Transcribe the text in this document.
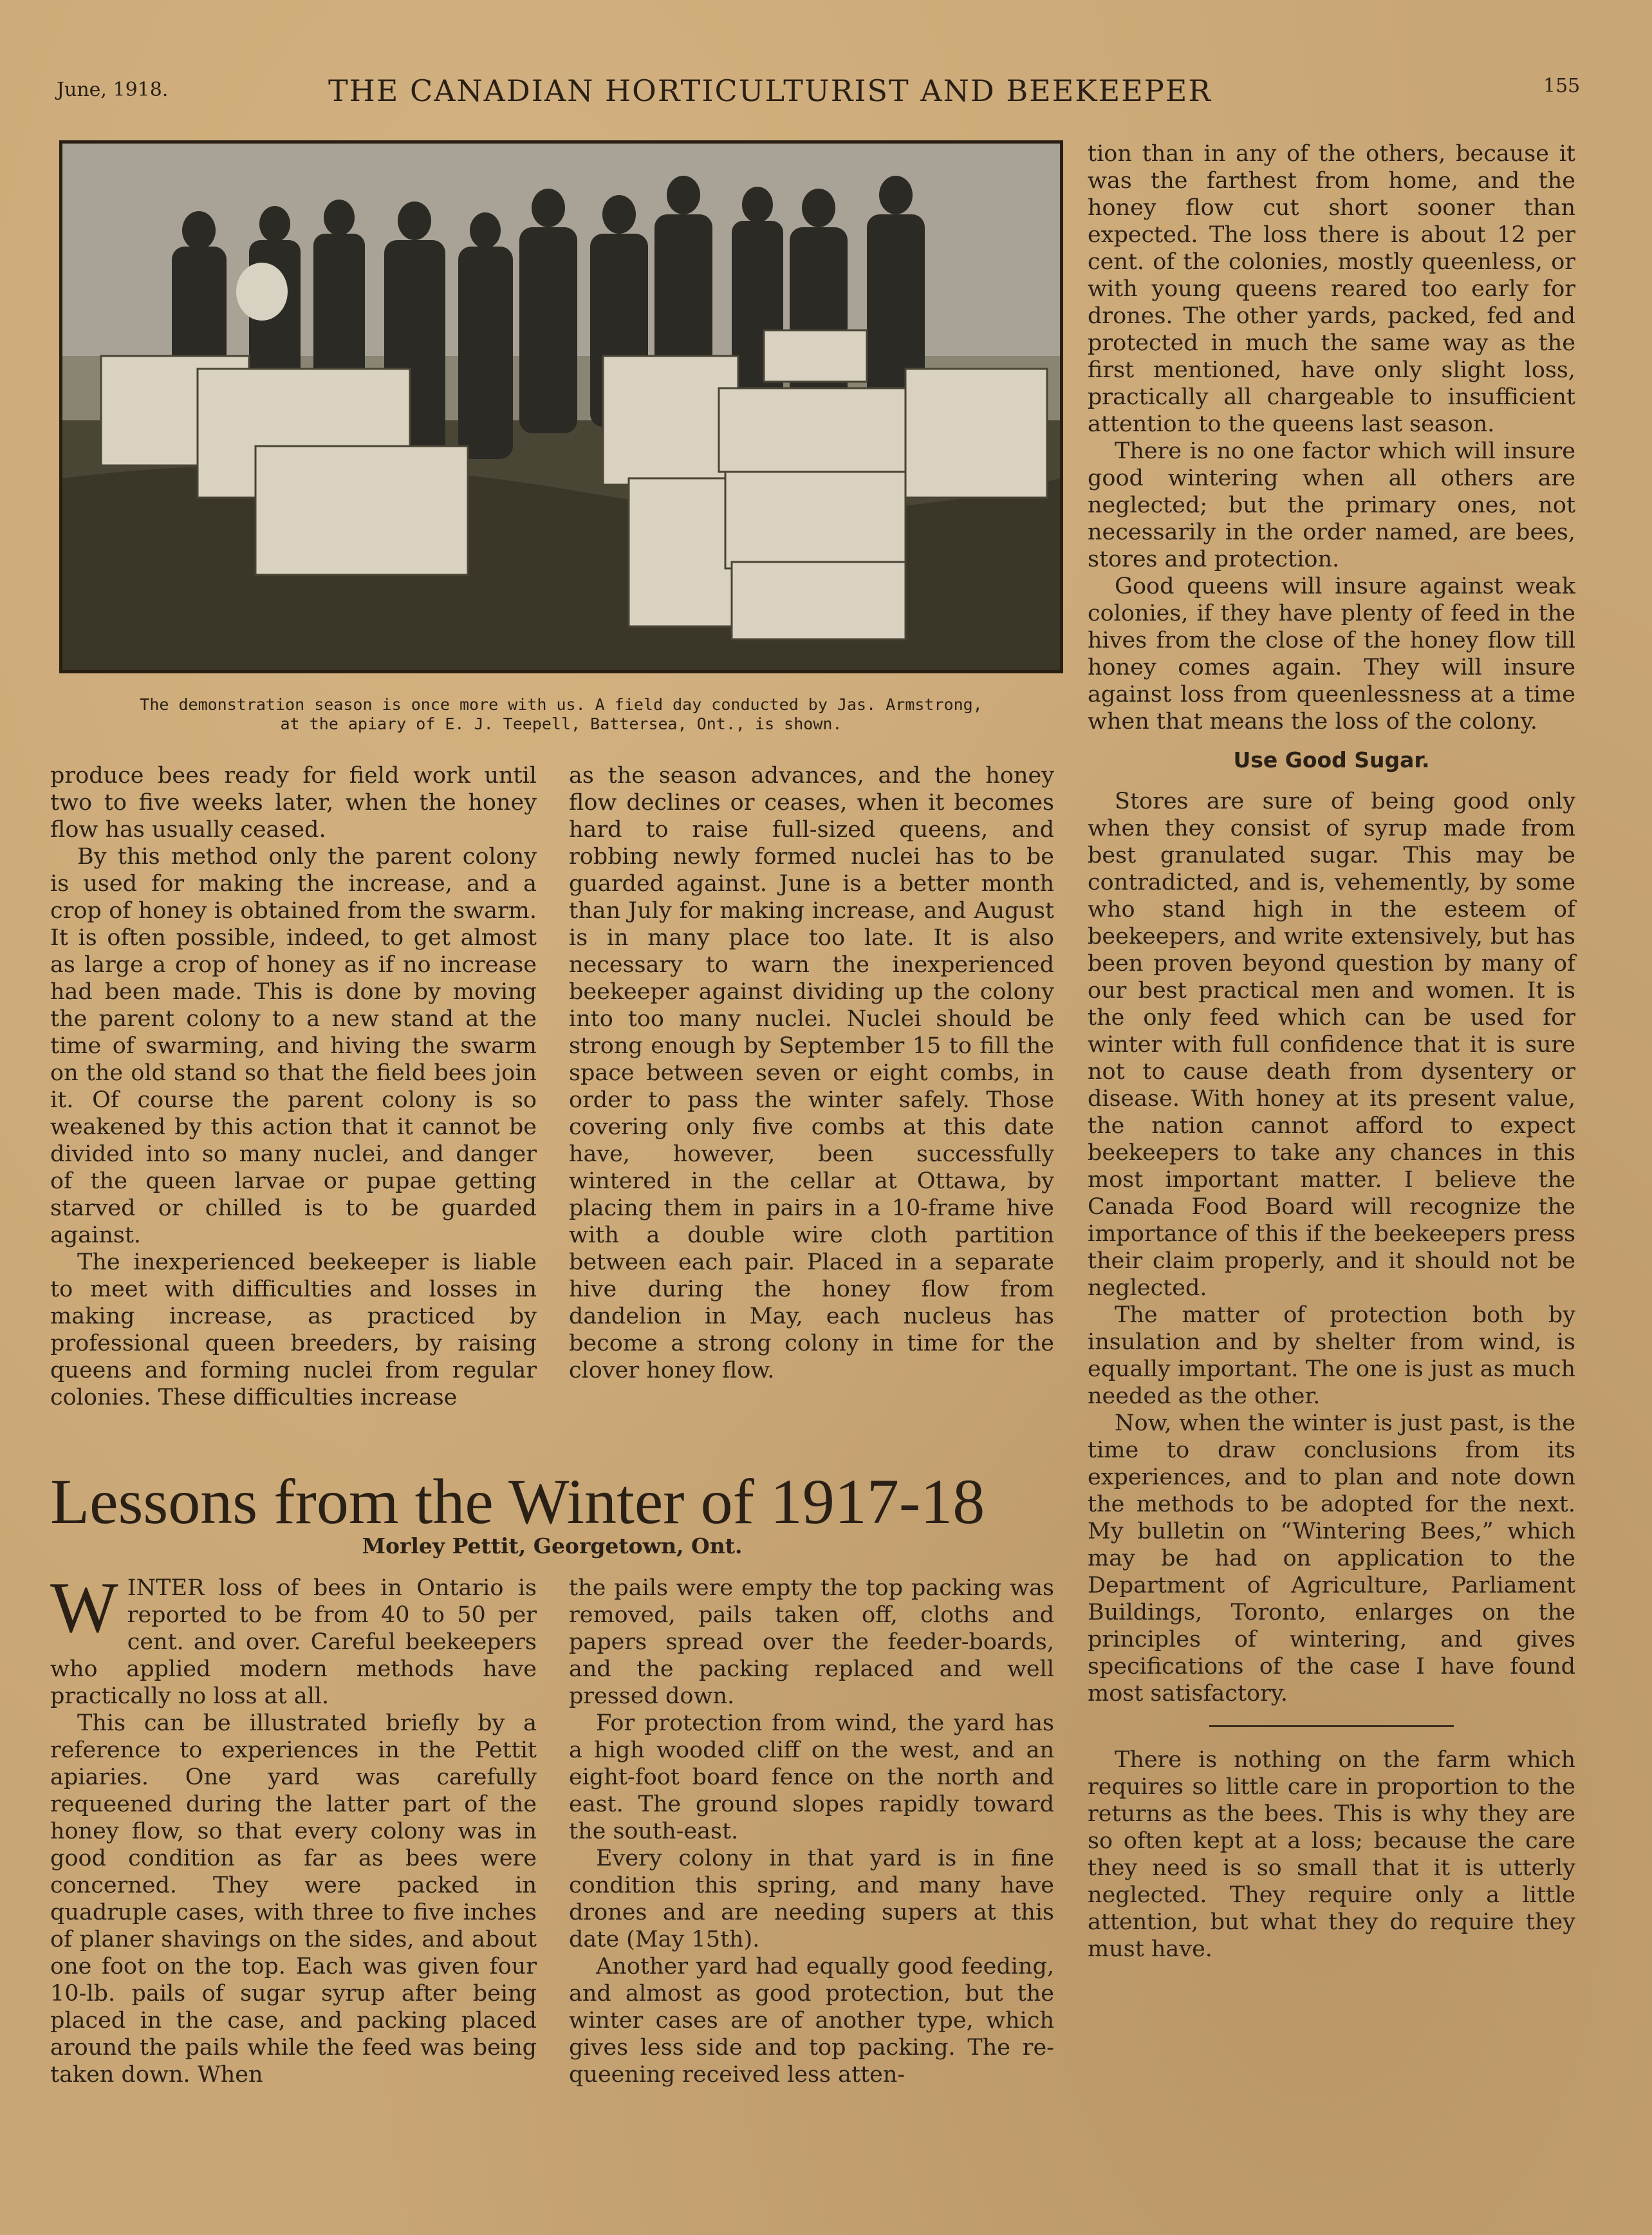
June, 1918.	THE CANADIAN HORTICULTURIST AND BEEKEEPER	155
The demonstration season is once more with us. A field day conducted by Jas. Armstrong,
at the apiary of E. J. Teepell, Battersea, Ont., is shown.

produce bees ready for field work until two to five weeks later, when the honey flow has usually ceased.

By this method only the parent colony is used for making the increase, and a crop of honey is obtained from the swarm. It is often possible, indeed, to get almost as large a crop of honey as if no increase had been made. This is done by moving the parent colony to a new stand at the time of swarming, and hiving the swarm on the old stand so that the field bees join it. Of course the parent colony is so weakened by this action that it cannot be divided into so many nuclei, and danger of the queen larvae or pupae getting starved or chilled is to be guarded against.

The inexperienced beekeeper is liable to meet with difficulties and losses in making increase, as practiced by professional queen breeders, by raising queens and forming nuclei from regular colonies. These difficulties increase

as the season advances, and the honey flow declines or ceases, when it becomes hard to raise full-sized queens, and robbing newly formed nuclei has to be guarded against. June is a better month than July for making increase, and August is in many place too late. It is also necessary to warn the inexperienced beekeeper against dividing up the colony into too many nuclei. Nuclei should be strong enough by September 15 to fill the space between seven or eight combs, in order to pass the winter safely. Those covering only five combs at this date have, however, been successfully wintered in the cellar at Ottawa, by placing them in pairs in a 10-frame hive with a double wire cloth partition between each pair. Placed in a separate hive during the honey flow from dandelion in May, each nucleus has become a strong colony in time for the clover honey flow.

Lessons from the Winter of 1917-18
Morley Pettit, Georgetown, Ont.

WINTER loss of bees in Ontario is reported to be from 40 to 50 per cent. and over. Careful beekeepers who applied modern methods have practically no loss at all.

This can be illustrated briefly by a reference to experiences in the Pettit apiaries. One yard was carefully requeened during the latter part of the honey flow, so that every colony was in good condition as far as bees were concerned. They were packed in quadruple cases, with three to five inches of planer shavings on the sides, and about one foot on the top. Each was given four 10-lb. pails of sugar syrup after being placed in the case, and packing placed around the pails while the feed was being taken down. When

the pails were empty the top packing was removed, pails taken off, cloths and papers spread over the feeder-boards, and the packing replaced and well pressed down.

For protection from wind, the yard has a high wooded cliff on the west, and an eight-foot board fence on the north and east. The ground slopes rapidly toward the south-east.

Every colony in that yard is in fine condition this spring, and many have drones and are needing supers at this date (May 15th).

Another yard had equally good feeding, and almost as good protection, but the winter cases are of another type, which gives less side and top packing. The re-queening received less atten-

tion than in any of the others, because it was the farthest from home, and the honey flow cut short sooner than expected. The loss there is about 12 per cent. of the colonies, mostly queenless, or with young queens reared too early for drones. The other yards, packed, fed and protected in much the same way as the first mentioned, have only slight loss, practically all chargeable to insufficient attention to the queens last season.

There is no one factor which will insure good wintering when all others are neglected; but the primary ones, not necessarily in the order named, are bees, stores and protection.

Good queens will insure against weak colonies, if they have plenty of feed in the hives from the close of the honey flow till honey comes again. They will insure against loss from queenlessness at a time when that means the loss of the colony.

Use Good Sugar.

Stores are sure of being good only when they consist of syrup made from best granulated sugar. This may be contradicted, and is, vehemently, by some who stand high in the esteem of beekeepers, and write extensively, but has been proven beyond question by many of our best practical men and women. It is the only feed which can be used for winter with full confidence that it is sure not to cause death from dysentery or disease. With honey at its present value, the nation cannot afford to expect beekeepers to take any chances in this most important matter. I believe the Canada Food Board will recognize the importance of this if the beekeepers press their claim properly, and it should not be neglected.

The matter of protection both by insulation and by shelter from wind, is equally important. The one is just as much needed as the other.

Now, when the winter is just past, is the time to draw conclusions from its experiences, and to plan and note down the methods to be adopted for the next. My bulletin on “Wintering Bees,” which may be had on application to the Department of Agriculture, Parliament Buildings, Toronto, enlarges on the principles of wintering, and gives specifications of the case I have found most satisfactory.

There is nothing on the farm which requires so little care in proportion to the returns as the bees. This is why they are so often kept at a loss; because the care they need is so small that it is utterly neglected. They require only a little attention, but what they do require they must have.
